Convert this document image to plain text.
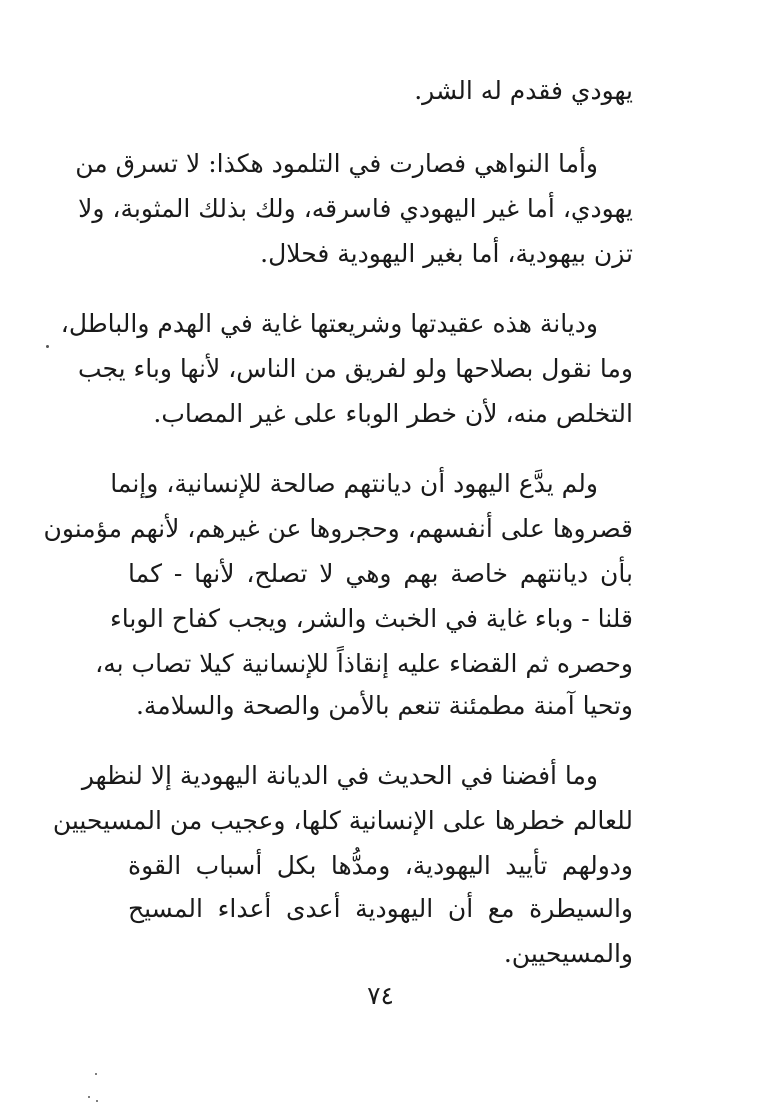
يهودي فقدم له الشر.
وأما النواهي فصارت في التلمود هكذا: لا تسرق من
يهودي، أما غير اليهودي فاسرقه، ولك بذلك المثوبة، ولا
تزن بيهودية، أما بغير اليهودية فحلال.
وديانة هذه عقيدتها وشريعتها غاية في الهدم والباطل،
وما نقول بصلاحها ولو لفريق من الناس، لأنها وباء يجب
التخلص منه، لأن خطر الوباء على غير المصاب.
ولم يدَّع اليهود أن ديانتهم صالحة للإنسانية، وإنما
قصروها على أنفسهم، وحجروها عن غيرهم، لأنهم مؤمنون
بأن ديانتهم خاصة بهم وهي لا تصلح، لأنها - كما
قلنا - وباء غاية في الخبث والشر، ويجب كفاح الوباء
وحصره ثم القضاء عليه إنقاذاً للإنسانية كيلا تصاب به،
وتحيا آمنة مطمئنة تنعم بالأمن والصحة والسلامة.
وما أفضنا في الحديث في الديانة اليهودية إلا لنظهر
للعالم خطرها على الإنسانية كلها، وعجيب من المسيحيين
ودولهم تأييد اليهودية، ومدُّها بكل أسباب القوة
والسيطرة مع أن اليهودية أعدى أعداء المسيح
والمسيحيين.
٧٤
